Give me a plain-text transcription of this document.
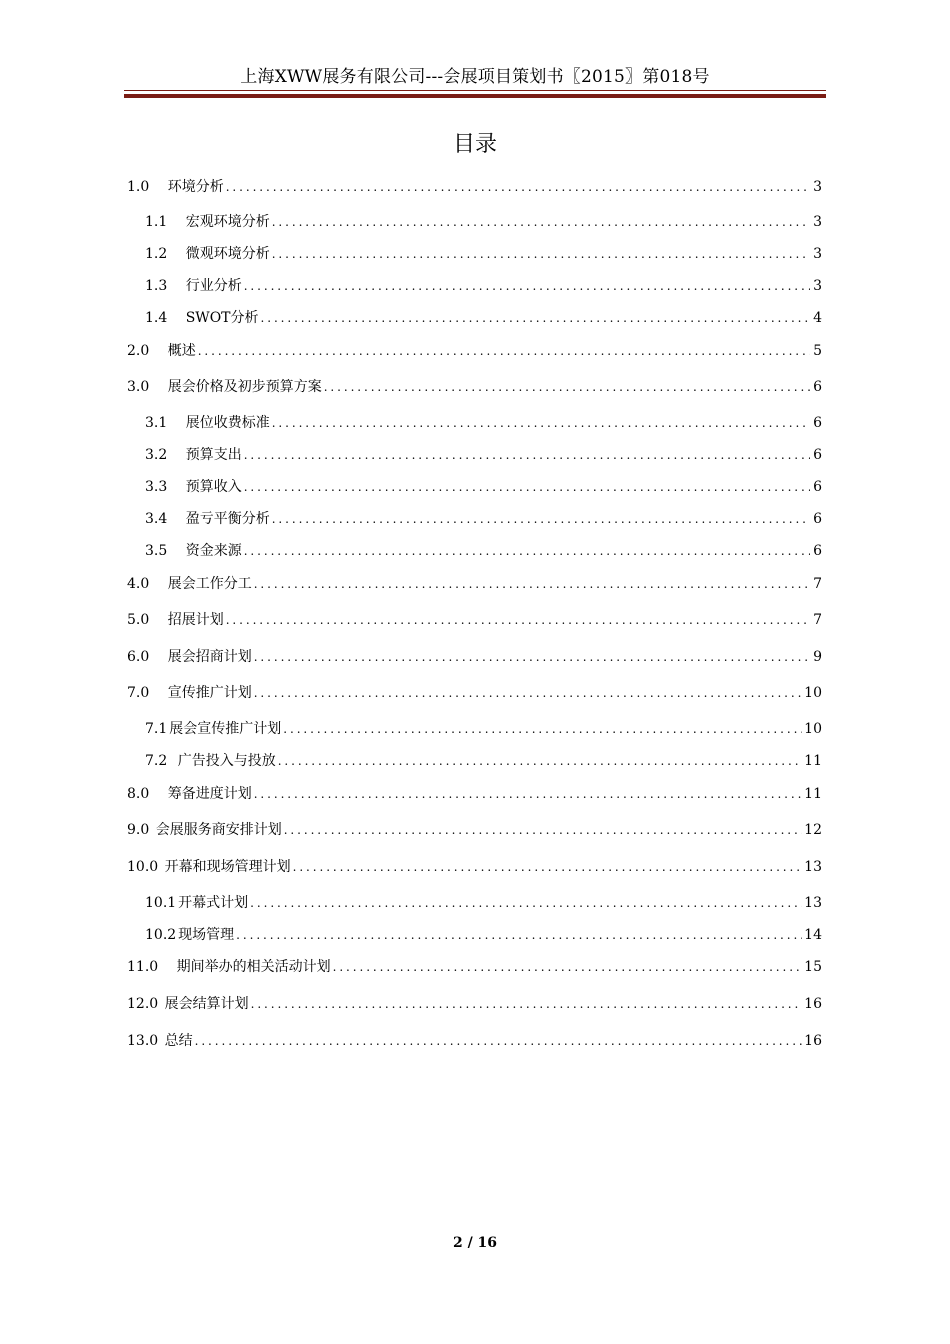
上海XWW展务有限公司---会展项目策划书〖2015〗第018号
目录
1.0 环境分析 .....	3
1.1 宏观环境分析 .....	3
1.2 微观环境分析 .....	3
1.3 行业分析 .....	3
1.4 SWOT分析 .....	4
2.0 概述 .....	5
3.0 展会价格及初步预算方案 .....	6
3.1 展位收费标准 .....	6
3.2 预算支出 .....	6
3.3 预算收入 .....	6
3.4 盈亏平衡分析 .....	6
3.5 资金来源 .....	6
4.0 展会工作分工 .....	7
5.0 招展计划 .....	7
6.0 展会招商计划 .....	9
7.0 宣传推广计划 .....	10
7.1 展会宣传推广计划 .....	10
7.2 广告投入与投放 .....	11
8.0 筹备进度计划 .....	11
9.0 会展服务商安排计划 .....	12
10.0 开幕和现场管理计划 .....	13
10.1 开幕式计划 .....	13
10.2 现场管理 .....	14
11.0 期间举办的相关活动计划 .....	15
12.0 展会结算计划 .....	16
13.0 总结 .....	16
2 / 16
